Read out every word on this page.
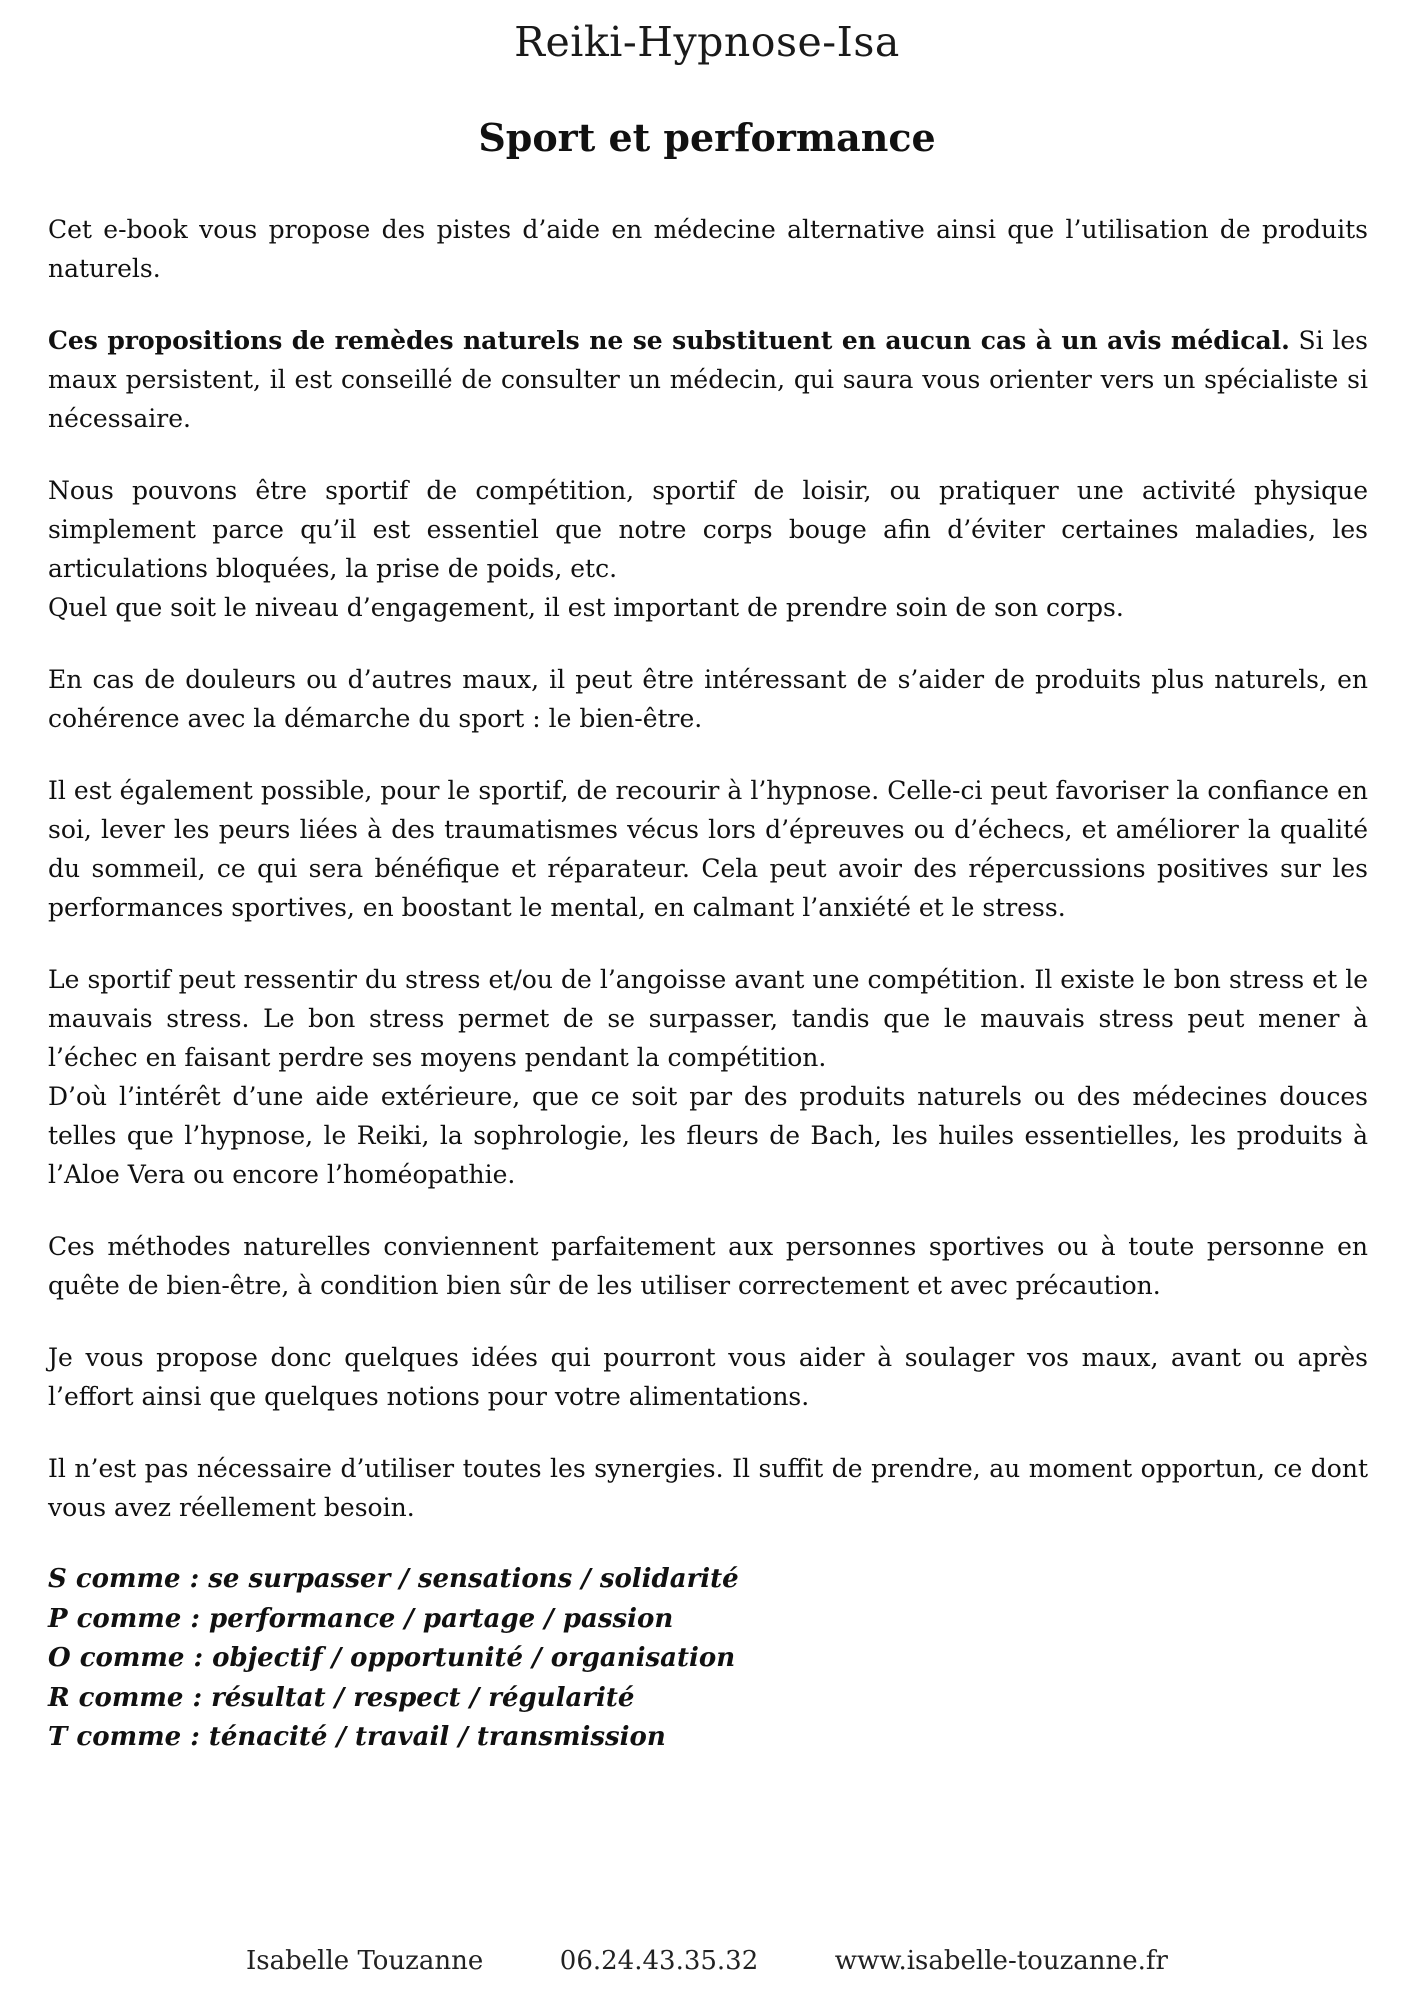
Reiki-Hypnose-Isa
Sport et performance

Cet e-book vous propose des pistes d’aide en médecine alternative ainsi que l’utilisation de produits naturels.

Ces propositions de remèdes naturels ne se substituent en aucun cas à un avis médical. Si les maux persistent, il est conseillé de consulter un médecin, qui saura vous orienter vers un spécialiste si nécessaire.

Nous pouvons être sportif de compétition, sportif de loisir, ou pratiquer une activité physique simplement parce qu’il est essentiel que notre corps bouge afin d’éviter certaines maladies, les articulations bloquées, la prise de poids, etc.

Quel que soit le niveau d’engagement, il est important de prendre soin de son corps.

En cas de douleurs ou d’autres maux, il peut être intéressant de s’aider de produits plus naturels, en cohérence avec la démarche du sport : le bien-être.

Il est également possible, pour le sportif, de recourir à l’hypnose. Celle-ci peut favoriser la confiance en soi, lever les peurs liées à des traumatismes vécus lors d’épreuves ou d’échecs, et améliorer la qualité du sommeil, ce qui sera bénéfique et réparateur. Cela peut avoir des répercussions positives sur les performances sportives, en boostant le mental, en calmant l’anxiété et le stress.

Le sportif peut ressentir du stress et/ou de l’angoisse avant une compétition. Il existe le bon stress et le mauvais stress. Le bon stress permet de se surpasser, tandis que le mauvais stress peut mener à l’échec en faisant perdre ses moyens pendant la compétition.

D’où l’intérêt d’une aide extérieure, que ce soit par des produits naturels ou des médecines douces telles que l’hypnose, le Reiki, la sophrologie, les fleurs de Bach, les huiles essentielles, les produits à l’Aloe Vera ou encore l’homéopathie.

Ces méthodes naturelles conviennent parfaitement aux personnes sportives ou à toute personne en quête de bien-être, à condition bien sûr de les utiliser correctement et avec précaution.

Je vous propose donc quelques idées qui pourront vous aider à soulager vos maux, avant ou après l’effort ainsi que quelques notions pour votre alimentations.

Il n’est pas nécessaire d’utiliser toutes les synergies. Il suffit de prendre, au moment opportun, ce dont vous avez réellement besoin.

S comme : se surpasser / sensations / solidarité
P comme : performance / partage / passion
O comme : objectif / opportunité / organisation
R comme : résultat / respect / régularité
T comme : ténacité / travail / transmission
Isabelle Touzanne	06.24.43.35.32	www.isabelle-touzanne.fr
